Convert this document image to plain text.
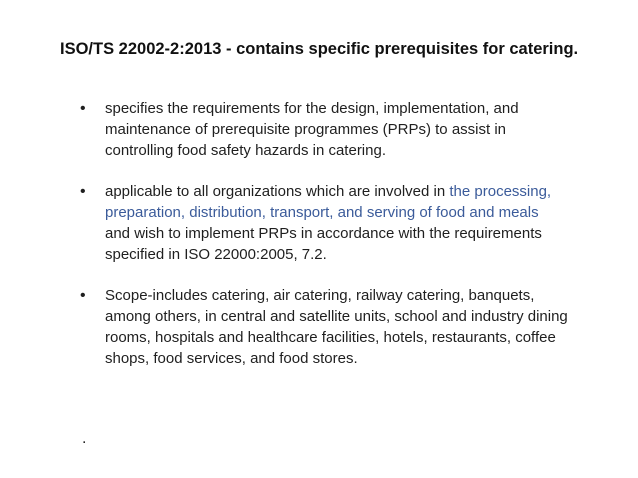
ISO/TS 22002-2:2013 - contains specific prerequisites for catering.
• specifies the requirements for the design, implementation, and
maintenance of prerequisite programmes (PRPs) to assist in
controlling food safety hazards in catering.
• applicable to all organizations which are involved in the processing,
preparation, distribution, transport, and serving of food and meals
and wish to implement PRPs in accordance with the requirements
specified in ISO 22000:2005, 7.2.
• Scope-includes catering, air catering, railway catering, banquets,
among others, in central and satellite units, school and industry dining
rooms, hospitals and healthcare facilities, hotels, restaurants, coffee
shops, food services, and food stores.
.
